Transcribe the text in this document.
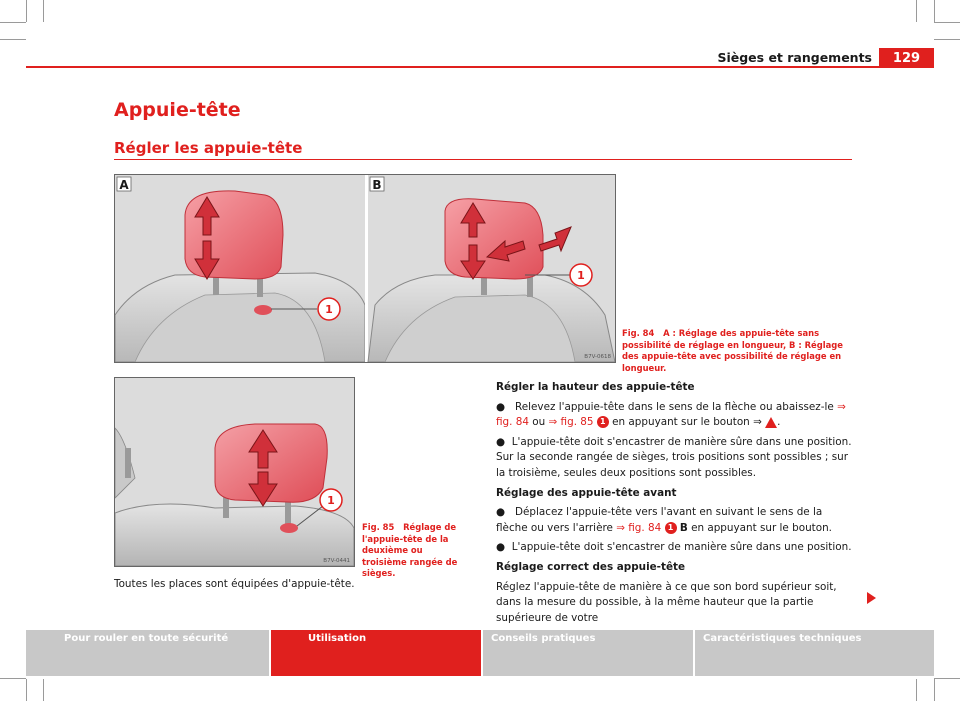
Sièges et rangements	129
Appuie-tête
Régler les appuie-tête
1
A
1
B
B7V-0618
Fig. 84 A : Réglage des appuie-tête sans possibilité de réglage en longueur, B : Réglage des appuie-tête avec possibilité de réglage en longueur.
1
B7V-0441
Fig. 85 Réglage de l'appuie-tête de la deuxième ou troisième rangée de sièges.
Toutes les places sont équipées d'appuie-tête.

Régler la hauteur des appuie-tête

● Relevez l'appuie-tête dans le sens de la flèche ou abaissez-le ⇒ fig. 84 ou ⇒ fig. 85 1 en appuyant sur le bouton ⇒ .

● L'appuie-tête doit s'encastrer de manière sûre dans une position. Sur la seconde rangée de sièges, trois positions sont possibles ; sur la troisième, seules deux positions sont possibles.

Réglage des appuie-tête avant

● Déplacez l'appuie-tête vers l'avant en suivant le sens de la flèche ou vers l'arrière ⇒ fig. 84 1 B en appuyant sur le bouton.

● L'appuie-tête doit s'encastrer de manière sûre dans une position.

Réglage correct des appuie-tête

Réglez l'appuie-tête de manière à ce que son bord supérieur soit, dans la mesure du possible, à la même hauteur que la partie supérieure de votre

Pour rouler en toute sécurité	Utilisation	Conseils pratiques	Caractéristiques techniques
